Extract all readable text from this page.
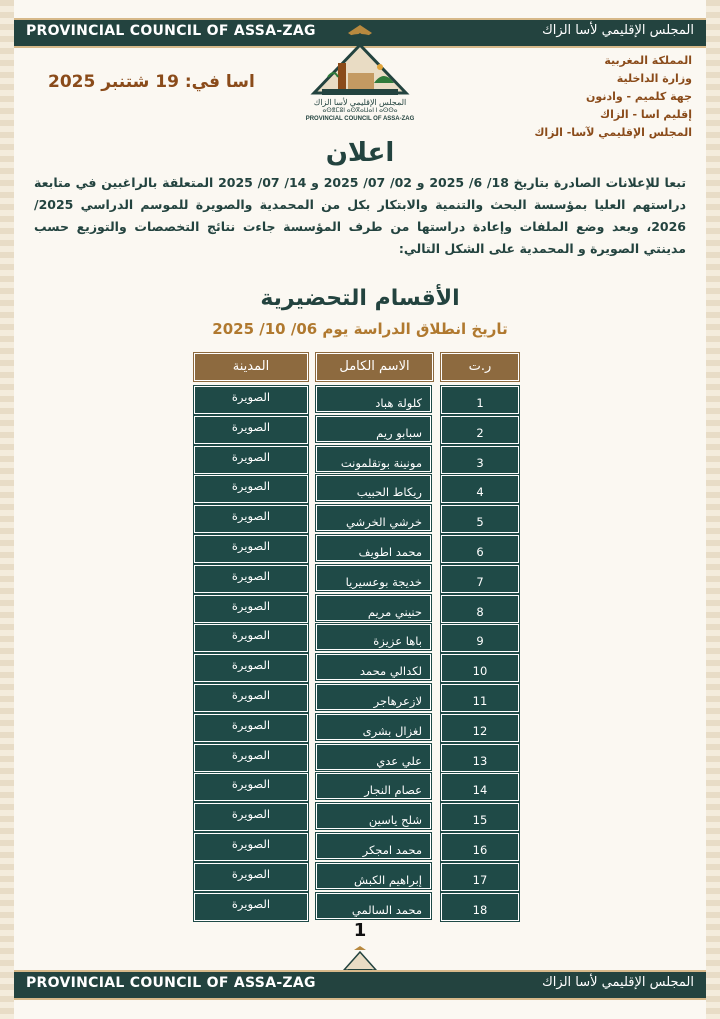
PROVINCIAL COUNCIL OF ASSA-ZAG	المجلس الإقليمي لأسا الزاك
المجلس الإقليمي لأسا الزاك
ⴰⵙⴻⵎⵓⵏ ⴰⵙⴳⴰⵡⴰⵏ ⵏ ⴰⵙⵙⴰ
PROVINCIAL COUNCIL OF ASSA-ZAG
المملكة المغربية
وزارة الداخلية
جهة كلميم - وادنون
إقليم اسا - الزاك
المجلس الإقليمي لآسا- الزاك
اسا في: 19 شتنبر 2025
اعلان
تبعا للإعلانات الصادرة بتاريخ 18/ 6/ 2025 و 02/ 07/ 2025 و 14/ 07/ 2025 المتعلقة بالراغبين في متابعة دراستهم العليا بمؤسسة البحث والتنمية والابتكار بكل من المحمدية والصويرة للموسم الدراسي 2025/ 2026، وبعد وضع الملفات وإعادة دراستها من طرف المؤسسة جاءت نتائج التخصصات والتوزيع حسب مدينتي الصويرة و المحمدية على الشكل التالي:
الأقسام التحضيرية
تاريخ انطلاق الدراسة يوم 06/ 10/ 2025
ر.ت
الاسم الكامل
المدينة
1
كلولة هباد
الصويرة
2
سبابو ريم
الصويرة
3
مونينة بوتقلمونت
الصويرة
4
ريكاط الحبيب
الصويرة
5
خرشي الخرشي
الصويرة
6
محمد اطويف
الصويرة
7
خديجة بوعسيريا
الصويرة
8
حنيني مريم
الصويرة
9
باها عزيزة
الصويرة
10
لكدالي محمد
الصويرة
11
لازعرهاجر
الصويرة
12
لغزال بشرى
الصويرة
13
علي عدي
الصويرة
14
عصام النجار
الصويرة
15
شلح ياسين
الصويرة
16
محمد امجكر
الصويرة
17
إبراهيم الكبش
الصويرة
18
محمد السالمي
الصويرة
1
PROVINCIAL COUNCIL OF ASSA-ZAG	المجلس الإقليمي لأسا الزاك
